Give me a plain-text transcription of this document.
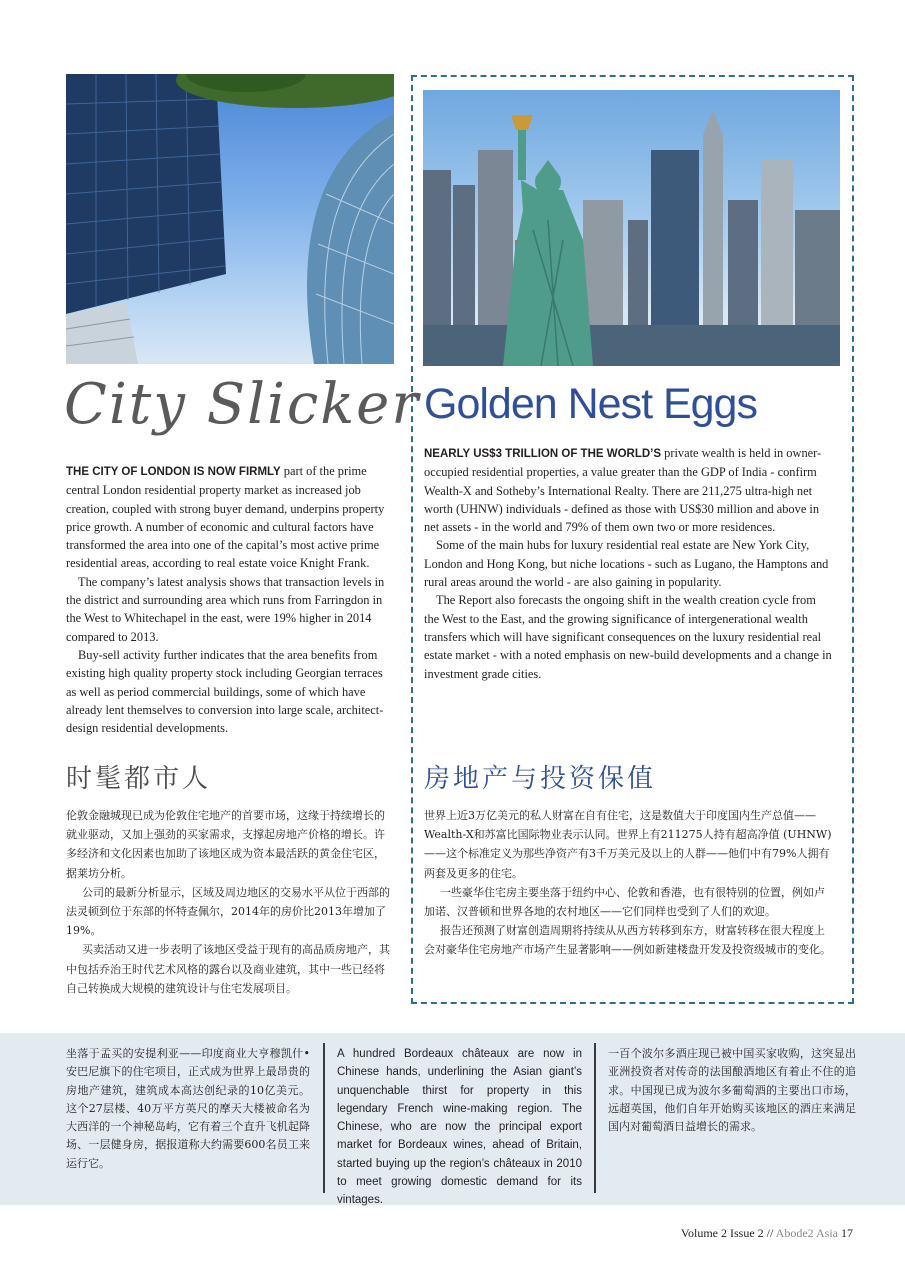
City Slicker Golden Nest Eggs

THE CITY OF LONDON IS NOW FIRMLY part of the prime central London residential property market as increased job creation, coupled with strong buyer demand, underpins property price growth. A number of economic and cultural factors have transformed the area into one of the capital’s most active prime residential areas, according to real estate voice Knight Frank.

The company’s latest analysis shows that transaction levels in the district and surrounding area which runs from Farringdon in the West to Whitechapel in the east, were 19% higher in 2014 compared to 2013.

Buy-sell activity further indicates that the area benefits from existing high quality property stock including Georgian terraces as well as period commercial buildings, some of which have already lent themselves to conversion into large scale, architect-design residential developments.

NEARLY US$3 TRILLION OF THE WORLD’S private wealth is held in owner-occupied residential properties, a value greater than the GDP of India - confirm Wealth-X and Sotheby’s International Realty. There are 211,275 ultra-high net worth (UHNW) individuals - defined as those with US$30 million and above in net assets - in the world and 79% of them own two or more residences.

Some of the main hubs for luxury residential real estate are New York City, London and Hong Kong, but niche locations - such as Lugano, the Hamptons and rural areas around the world - are also gaining in popularity.

The Report also forecasts the ongoing shift in the wealth creation cycle from the West to the East, and the growing significance of intergenerational wealth transfers which will have significant consequences on the luxury residential real estate market - with a noted emphasis on new-build developments and a change in investment grade cities.

时髦都市人	房地产与投资保值

伦敦金融城现已成为伦敦住宅地产的首要市场，这缘于持续增长的就业驱动，又加上强劲的买家需求，支撑起房地产价格的增长。许多经济和文化因素也加助了该地区成为资本最活跃的黄金住宅区， 据莱坊分析。

公司的最新分析显示，区域及周边地区的交易水平从位于西部的法灵顿到位于东部的怀特查佩尔，2014年的房价比2013年增加了19%。

买卖活动又进一步表明了该地区受益于现有的高品质房地产，其中包括乔治王时代艺术风格的露台以及商业建筑，其中一些已经将自己转换成大规模的建筑设计与住宅发展项目。

世界上近3万亿美元的私人财富在自有住宅，这是数值大于印度国内生产总值——Wealth-X和苏富比国际物业表示认同。世界上有211275人持有超高净值 (UHNW)——这个标准定义为那些净资产有3千万美元及以上的人群——他们中有79%人拥有两套及更多的住宅。

一些豪华住宅房主要坐落于纽约中心、伦敦和香港，也有很特别的位置，例如卢加诺、汉普顿和世界各地的农村地区——它们同样也受到了人们的欢迎。

报告还预测了财富创造周期将持续从从西方转移到东方，财富转移在很大程度上会对豪华住宅房地产市场产生显著影响——例如新建楼盘开发及投资级城市的变化。

坐落于孟买的安提利亚——印度商业大亨穆凯什•安巴尼旗下的住宅项目，正式成为世界上最昂贵的房地产建筑，建筑成本高达创纪录的10亿美元。这个27层楼、40万平方英尺的摩天大楼被命名为大西洋的一个神秘岛屿，它有着三个直升飞机起降场、一层健身房，据报道称大约需要600名员工来运行它。
A hundred Bordeaux châteaux are now in Chinese hands, underlining the Asian giant’s unquenchable thirst for property in this legendary French wine-making region. The Chinese, who are now the principal export market for Bordeaux wines, ahead of Britain, started buying up the region’s châteaux in 2010 to meet growing domestic demand for its vintages.
一百个波尔多酒庄现已被中国买家收购，这突显出亚洲投资者对传奇的法国酿酒地区有着止不住的追求。中国现已成为波尔多葡萄酒的主要出口市场，远超英国，他们自年开始购买该地区的酒庄来满足国内对葡萄酒日益增长的需求。
Volume 2 Issue 2 // Abode2 Asia 17
